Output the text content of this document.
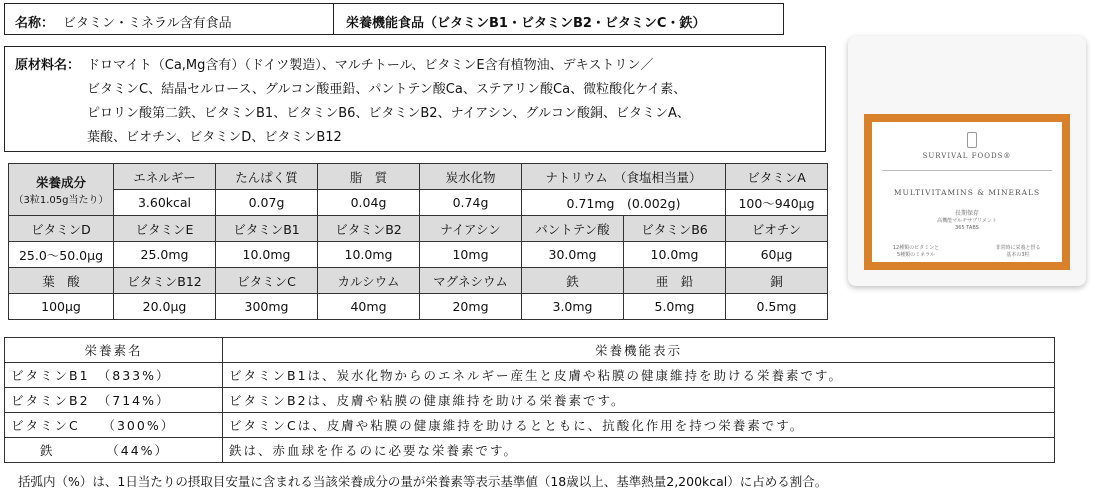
名称： ビタミン・ミネラル含有食品	栄養機能食品（ビタミンB1・ビタミンB2・ビタミンC・鉄）
原材料名： ドロマイト（Ca,Mg含有）（ドイツ製造）、マルチトール、ビタミンE含有植物油、デキストリン／
ビタミンC、結晶セルロース、グルコン酸亜鉛、パントテン酸Ca、ステアリン酸Ca、微粒酸化ケイ素、
ピロリン酸第二鉄、ビタミンB1、ビタミンB6、ビタミンB2、ナイアシン、グルコン酸銅、ビタミンA、
葉酸、ビオチン、ビタミンD、ビタミンB12
栄養成分
（3粒1.05g当たり）	エネルギー	たんぱく質	脂　質	炭水化物	ナトリウム　（食塩相当量）		ビタミンA
	3.60kcal	0.07g	0.04g	0.74g	0.71mg　(0.002g)		100～940μg
ビタミンD	ビタミンE	ビタミンB1	ビタミンB2	ナイアシン	パントテン酸	ビタミンB6	ビオチン
25.0～50.0μg	25.0mg	10.0mg	10.0mg	10mg	30.0mg	10.0mg	60μg
葉　酸	ビタミンB12	ビタミンC	カルシウム	マグネシウム	鉄	亜　鉛	銅
100μg	20.0μg	300mg	40mg	20mg	3.0mg	5.0mg	0.5mg
栄養素名	栄養機能表示
ビタミンB1　（833%）	ビタミンB1は、炭水化物からのエネルギー産生と皮膚や粘膜の健康維持を助ける栄養素です。
ビタミンB2　（714%）	ビタミンB2は、皮膚や粘膜の健康維持を助ける栄養素です。
ビタミンC　　（300%）	ビタミンCは、皮膚や粘膜の健康維持を助けるとともに、抗酸化作用を持つ栄養素です。
　　鉄　　　　（44%）	鉄は、赤血球を作るのに必要な栄養素です。
括弧内（%）は、1日当たりの摂取目安量に含まれる当該栄養成分の量が栄養素等表示基準値（18歳以上、基準熱量2,200kcal）に占める割合。
SURVIVAL FOODS®
MULTIVITAMINS & MINERALS
長期保存
高機能マルチサプリメント
365 TABS
12種類のビタミンと
5種類のミネラル
非常時に栄養と摂る
基本の3粒
